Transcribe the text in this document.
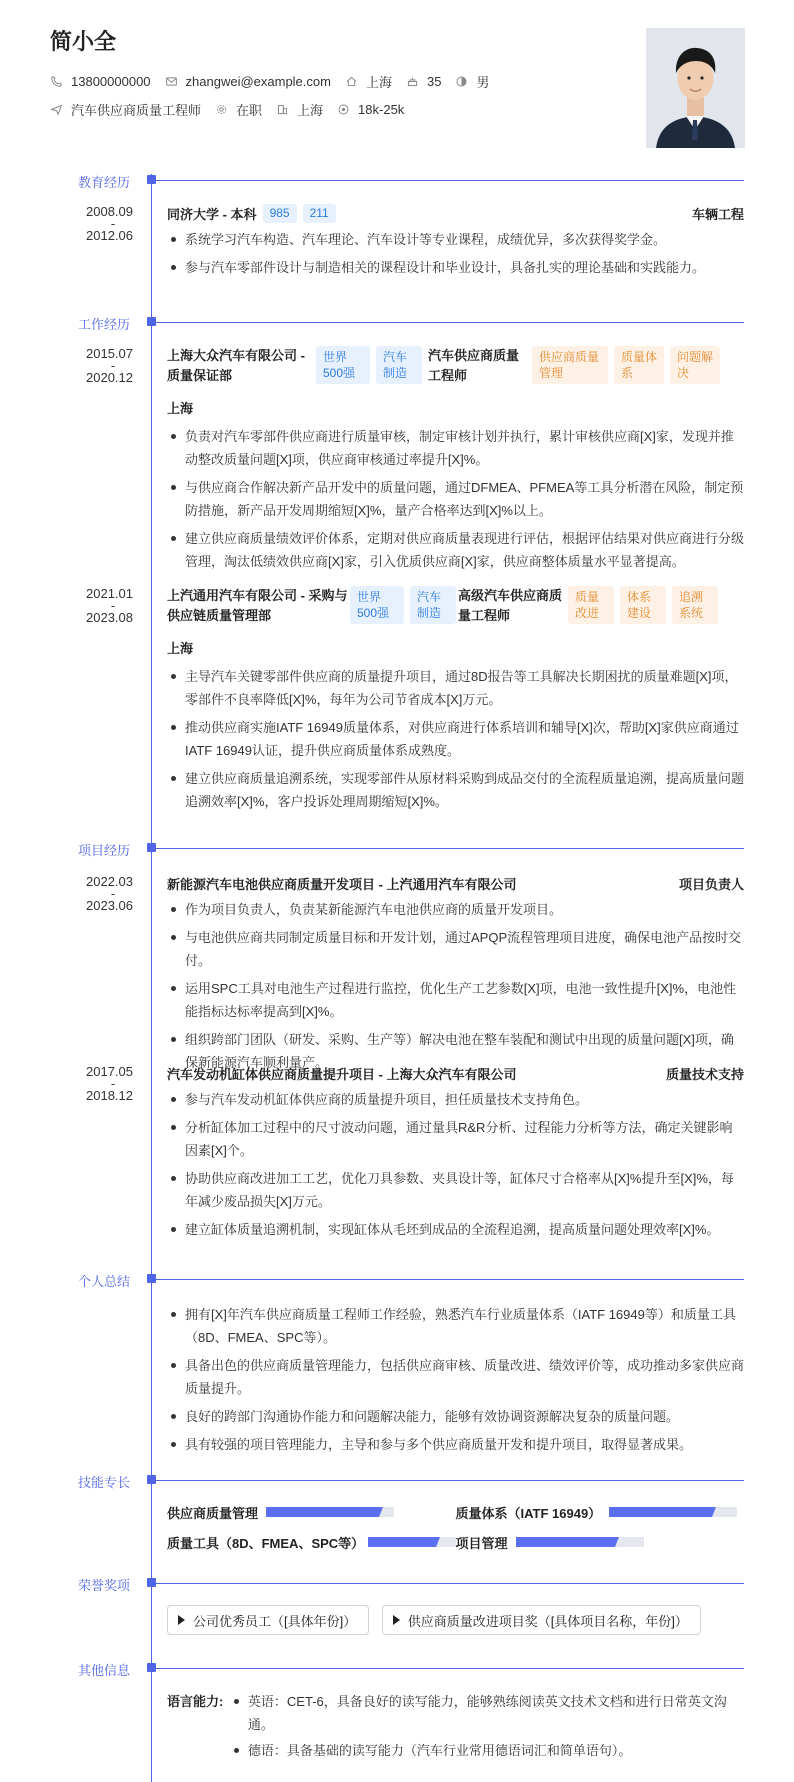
简小全
13800000000	zhangwei@example.com	上海	35	男
汽车供应商质量工程师	在职	上海	18k-25k
教育经历
2008.09
-
2012.06
同济大学 - 本科	985	211	车辆工程
系统学习汽车构造、汽车理论、汽车设计等专业课程，成绩优异，多次获得奖学金。
参与汽车零部件设计与制造相关的课程设计和毕业设计，具备扎实的理论基础和实践能力。
工作经历
2015.07
-
2020.12
上海大众汽车有限公司 - 质量保证部
世界500强
汽车制造
汽车供应商质量工程师
供应商质量管理
质量体系
问题解决
上海
负责对汽车零部件供应商进行质量审核，制定审核计划并执行，累计审核供应商[X]家，发现并推动整改质量问题[X]项，供应商审核通过率提升[X]%。
与供应商合作解决新产品开发中的质量问题，通过DFMEA、PFMEA等工具分析潜在风险，制定预防措施，新产品开发周期缩短[X]%，量产合格率达到[X]%以上。
建立供应商质量绩效评价体系，定期对供应商质量表现进行评估，根据评估结果对供应商进行分级管理，淘汰低绩效供应商[X]家，引入优质供应商[X]家，供应商整体质量水平显著提高。
2021.01
-
2023.08
上汽通用汽车有限公司 - 采购与供应链质量管理部
世界500强
汽车制造
高级汽车供应商质量工程师
质量改进
体系建设
追溯系统
上海
主导汽车关键零部件供应商的质量提升项目，通过8D报告等工具解决长期困扰的质量难题[X]项，零部件不良率降低[X]%，每年为公司节省成本[X]万元。
推动供应商实施IATF 16949质量体系，对供应商进行体系培训和辅导[X]次，帮助[X]家供应商通过IATF 16949认证，提升供应商质量体系成熟度。
建立供应商质量追溯系统，实现零部件从原材料采购到成品交付的全流程质量追溯，提高质量问题追溯效率[X]%，客户投诉处理周期缩短[X]%。
项目经历
2022.03
-
2023.06
新能源汽车电池供应商质量开发项目 - 上汽通用汽车有限公司	项目负责人
作为项目负责人，负责某新能源汽车电池供应商的质量开发项目。
与电池供应商共同制定质量目标和开发计划，通过APQP流程管理项目进度，确保电池产品按时交付。
运用SPC工具对电池生产过程进行监控，优化生产工艺参数[X]项，电池一致性提升[X]%，电池性能指标达标率提高到[X]%。
组织跨部门团队（研发、采购、生产等）解决电池在整车装配和测试中出现的质量问题[X]项，确保新能源汽车顺利量产。
2017.05
-
2018.12
汽车发动机缸体供应商质量提升项目 - 上海大众汽车有限公司	质量技术支持
参与汽车发动机缸体供应商的质量提升项目，担任质量技术支持角色。
分析缸体加工过程中的尺寸波动问题，通过量具R&R分析、过程能力分析等方法，确定关键影响因素[X]个。
协助供应商改进加工工艺，优化刀具参数、夹具设计等，缸体尺寸合格率从[X]%提升至[X]%，每年减少废品损失[X]万元。
建立缸体质量追溯机制，实现缸体从毛坯到成品的全流程追溯，提高质量问题处理效率[X]%。
个人总结
拥有[X]年汽车供应商质量工程师工作经验，熟悉汽车行业质量体系（IATF 16949等）和质量工具（8D、FMEA、SPC等）。
具备出色的供应商质量管理能力，包括供应商审核、质量改进、绩效评价等，成功推动多家供应商质量提升。
良好的跨部门沟通协作能力和问题解决能力，能够有效协调资源解决复杂的质量问题。
具有较强的项目管理能力，主导和参与多个供应商质量开发和提升项目，取得显著成果。
技能专长
供应商质量管理	质量体系（IATF 16949）
质量工具（8D、FMEA、SPC等）	项目管理
荣誉奖项
公司优秀员工（[具体年份]）
	供应商质量改进项目奖（[具体项目名称，年份]）
其他信息
语言能力:	英语：CET-6，具备良好的读写能力，能够熟练阅读英文技术文档和进行日常英文沟通。
德语：具备基础的读写能力（汽车行业常用德语词汇和简单语句）。
